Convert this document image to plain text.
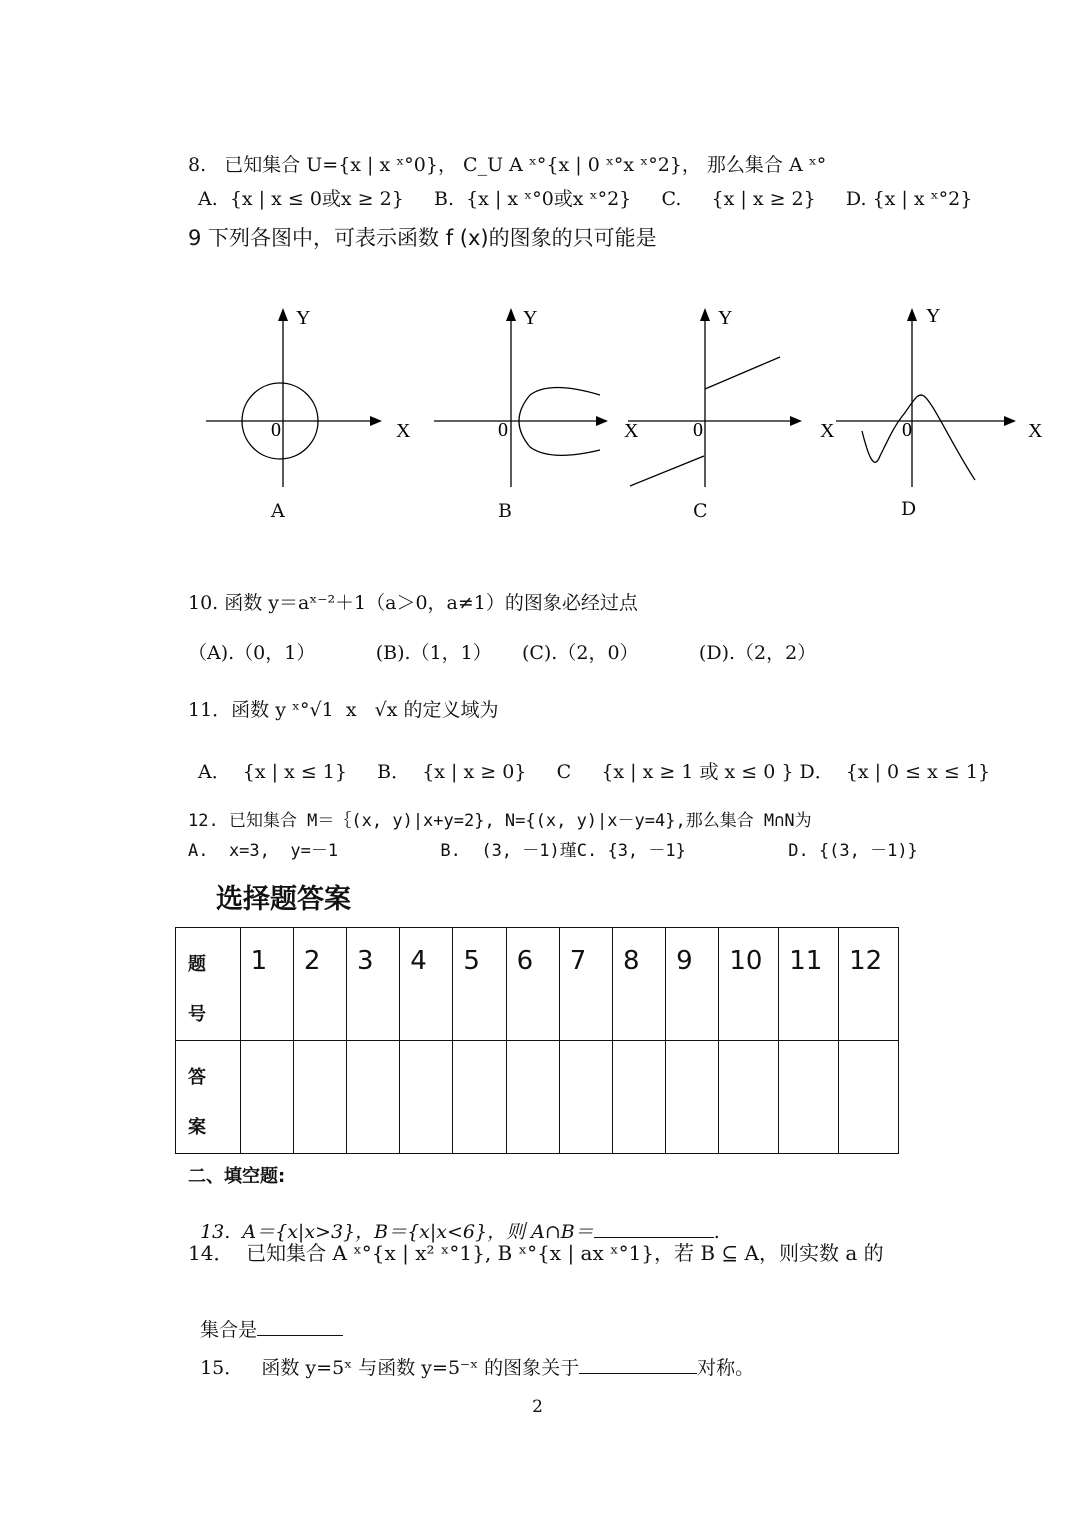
8.   已知集合 U={x | x ˣ°0}， C_U A ˣ°{x | 0 ˣ°x ˣ°2}， 那么集合 A ˣ°
A.  {x | x ≤ 0或x ≥ 2}     B.  {x | x ˣ°0或x ˣ°2}     C.     {x | x ≥ 2}     D. {x | x ˣ°2}
9 下列各图中，可表示函数 f (x)的图象的只可能是
Y
X
0
A
Y
X
0
B
Y
X
0
C
Y
X
0
D
10. 函数 y＝aˣ⁻²＋1（a＞0，a≠1）的图象必经过点
（A).（0，1）          (B).（1，1）     (C).（2，0）          (D).（2，2）
11．函数 y ˣ°√1  x   √x 的定义域为
A．  {x | x ≤ 1}     B．  {x | x ≥ 0}     C     {x | x ≥ 1 或 x ≤ 0 } D．  {x | 0 ≤ x ≤ 1}
12. 已知集合 M＝｛(x, y)|x+y=2}, N={(x, y)|x－y=4},那么集合 M∩N为
A.  x=3,  y=－1          B.  (3, －1)瑾C. {3, －1}          D. {(3, －1)}
选择题答案
题
号	1	2	3	4	5	6	7	8	9	10	11	12
答
案												
二、填空题:

13.  A＝{x|x>3}，B＝{x|x<6}，则 A∩B＝	.

14．  已知集合 A ˣ°{x | x² ˣ°1}, B ˣ°{x | ax ˣ°1}，若 B ⊆ A，则实数 a 的

集合是

15．   函数 y=5ˣ 与函数 y=5⁻ˣ 的图象关于	对称。

2
